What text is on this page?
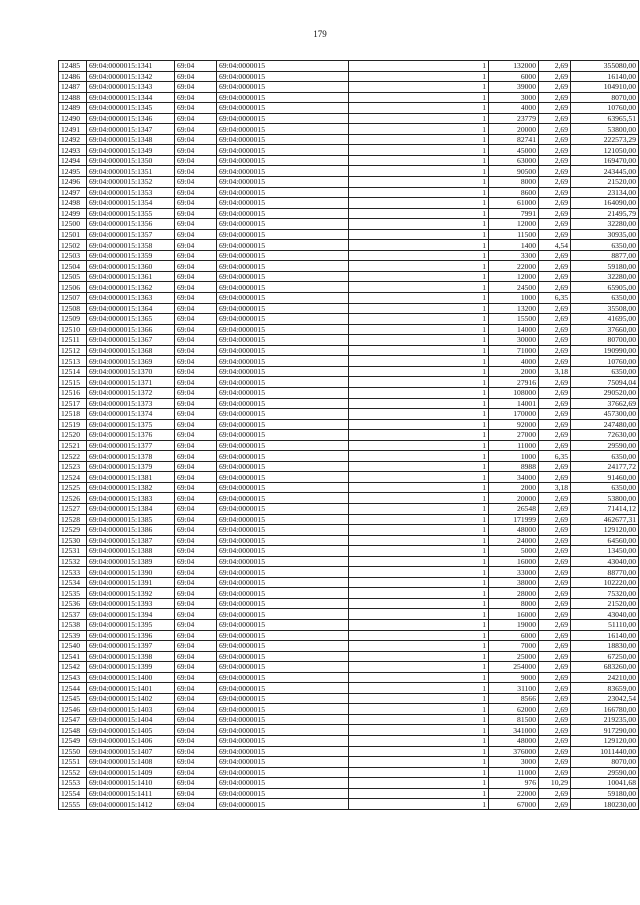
179
12485	69:04:0000015:1341	69:04	69:04:0000015	1	132000	2,69	355080,00
12486	69:04:0000015:1342	69:04	69:04:0000015	1	6000	2,69	16140,00
12487	69:04:0000015:1343	69:04	69:04:0000015	1	39000	2,69	104910,00
12488	69:04:0000015:1344	69:04	69:04:0000015	1	3000	2,69	8070,00
12489	69:04:0000015:1345	69:04	69:04:0000015	1	4000	2,69	10760,00
12490	69:04:0000015:1346	69:04	69:04:0000015	1	23779	2,69	63965,51
12491	69:04:0000015:1347	69:04	69:04:0000015	1	20000	2,69	53800,00
12492	69:04:0000015:1348	69:04	69:04:0000015	1	82741	2,69	222573,29
12493	69:04:0000015:1349	69:04	69:04:0000015	1	45000	2,69	121050,00
12494	69:04:0000015:1350	69:04	69:04:0000015	1	63000	2,69	169470,00
12495	69:04:0000015:1351	69:04	69:04:0000015	1	90500	2,69	243445,00
12496	69:04:0000015:1352	69:04	69:04:0000015	1	8000	2,69	21520,00
12497	69:04:0000015:1353	69:04	69:04:0000015	1	8600	2,69	23134,00
12498	69:04:0000015:1354	69:04	69:04:0000015	1	61000	2,69	164090,00
12499	69:04:0000015:1355	69:04	69:04:0000015	1	7991	2,69	21495,79
12500	69:04:0000015:1356	69:04	69:04:0000015	1	12000	2,69	32280,00
12501	69:04:0000015:1357	69:04	69:04:0000015	1	11500	2,69	30935,00
12502	69:04:0000015:1358	69:04	69:04:0000015	1	1400	4,54	6350,00
12503	69:04:0000015:1359	69:04	69:04:0000015	1	3300	2,69	8877,00
12504	69:04:0000015:1360	69:04	69:04:0000015	1	22000	2,69	59180,00
12505	69:04:0000015:1361	69:04	69:04:0000015	1	12000	2,69	32280,00
12506	69:04:0000015:1362	69:04	69:04:0000015	1	24500	2,69	65905,00
12507	69:04:0000015:1363	69:04	69:04:0000015	1	1000	6,35	6350,00
12508	69:04:0000015:1364	69:04	69:04:0000015	1	13200	2,69	35508,00
12509	69:04:0000015:1365	69:04	69:04:0000015	1	15500	2,69	41695,00
12510	69:04:0000015:1366	69:04	69:04:0000015	1	14000	2,69	37660,00
12511	69:04:0000015:1367	69:04	69:04:0000015	1	30000	2,69	80700,00
12512	69:04:0000015:1368	69:04	69:04:0000015	1	71000	2,69	190990,00
12513	69:04:0000015:1369	69:04	69:04:0000015	1	4000	2,69	10760,00
12514	69:04:0000015:1370	69:04	69:04:0000015	1	2000	3,18	6350,00
12515	69:04:0000015:1371	69:04	69:04:0000015	1	27916	2,69	75094,04
12516	69:04:0000015:1372	69:04	69:04:0000015	1	108000	2,69	290520,00
12517	69:04:0000015:1373	69:04	69:04:0000015	1	14001	2,69	37662,69
12518	69:04:0000015:1374	69:04	69:04:0000015	1	170000	2,69	457300,00
12519	69:04:0000015:1375	69:04	69:04:0000015	1	92000	2,69	247480,00
12520	69:04:0000015:1376	69:04	69:04:0000015	1	27000	2,69	72630,00
12521	69:04:0000015:1377	69:04	69:04:0000015	1	11000	2,69	29590,00
12522	69:04:0000015:1378	69:04	69:04:0000015	1	1000	6,35	6350,00
12523	69:04:0000015:1379	69:04	69:04:0000015	1	8988	2,69	24177,72
12524	69:04:0000015:1381	69:04	69:04:0000015	1	34000	2,69	91460,00
12525	69:04:0000015:1382	69:04	69:04:0000015	1	2000	3,18	6350,00
12526	69:04:0000015:1383	69:04	69:04:0000015	1	20000	2,69	53800,00
12527	69:04:0000015:1384	69:04	69:04:0000015	1	26548	2,69	71414,12
12528	69:04:0000015:1385	69:04	69:04:0000015	1	171999	2,69	462677,31
12529	69:04:0000015:1386	69:04	69:04:0000015	1	48000	2,69	129120,00
12530	69:04:0000015:1387	69:04	69:04:0000015	1	24000	2,69	64560,00
12531	69:04:0000015:1388	69:04	69:04:0000015	1	5000	2,69	13450,00
12532	69:04:0000015:1389	69:04	69:04:0000015	1	16000	2,69	43040,00
12533	69:04:0000015:1390	69:04	69:04:0000015	1	33000	2,69	88770,00
12534	69:04:0000015:1391	69:04	69:04:0000015	1	38000	2,69	102220,00
12535	69:04:0000015:1392	69:04	69:04:0000015	1	28000	2,69	75320,00
12536	69:04:0000015:1393	69:04	69:04:0000015	1	8000	2,69	21520,00
12537	69:04:0000015:1394	69:04	69:04:0000015	1	16000	2,69	43040,00
12538	69:04:0000015:1395	69:04	69:04:0000015	1	19000	2,69	51110,00
12539	69:04:0000015:1396	69:04	69:04:0000015	1	6000	2,69	16140,00
12540	69:04:0000015:1397	69:04	69:04:0000015	1	7000	2,69	18830,00
12541	69:04:0000015:1398	69:04	69:04:0000015	1	25000	2,69	67250,00
12542	69:04:0000015:1399	69:04	69:04:0000015	1	254000	2,69	683260,00
12543	69:04:0000015:1400	69:04	69:04:0000015	1	9000	2,69	24210,00
12544	69:04:0000015:1401	69:04	69:04:0000015	1	31100	2,69	83659,00
12545	69:04:0000015:1402	69:04	69:04:0000015	1	8566	2,69	23042,54
12546	69:04:0000015:1403	69:04	69:04:0000015	1	62000	2,69	166780,00
12547	69:04:0000015:1404	69:04	69:04:0000015	1	81500	2,69	219235,00
12548	69:04:0000015:1405	69:04	69:04:0000015	1	341000	2,69	917290,00
12549	69:04:0000015:1406	69:04	69:04:0000015	1	48000	2,69	129120,00
12550	69:04:0000015:1407	69:04	69:04:0000015	1	376000	2,69	1011440,00
12551	69:04:0000015:1408	69:04	69:04:0000015	1	3000	2,69	8070,00
12552	69:04:0000015:1409	69:04	69:04:0000015	1	11000	2,69	29590,00
12553	69:04:0000015:1410	69:04	69:04:0000015	1	976	10,29	10041,68
12554	69:04:0000015:1411	69:04	69:04:0000015	1	22000	2,69	59180,00
12555	69:04:0000015:1412	69:04	69:04:0000015	1	67000	2,69	180230,00
